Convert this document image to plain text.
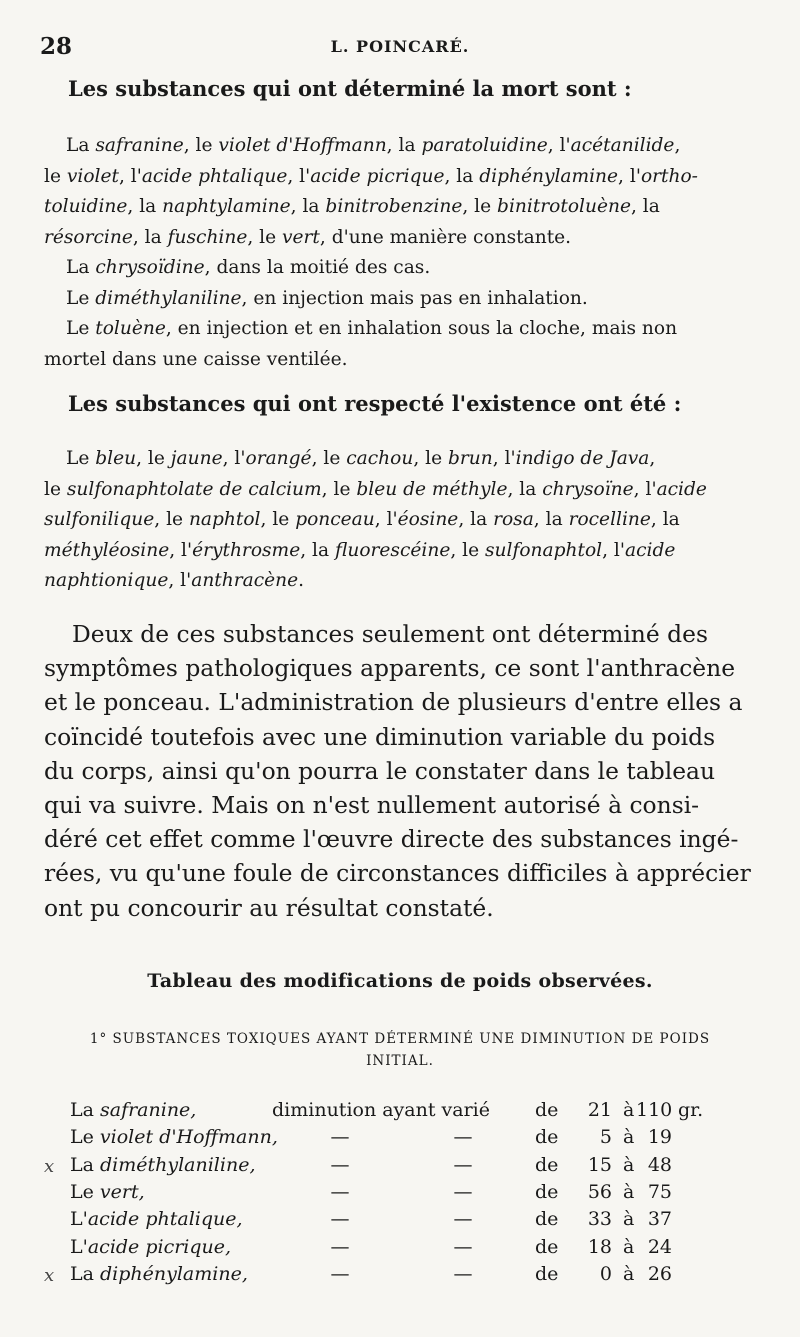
28	L. POINCARÉ.
Les substances qui ont déterminé la mort sont :
La safranine, le violet d'Hoffmann, la paratoluidine, l'acétanilide,
le violet, l'acide phtalique, l'acide picrique, la diphénylamine, l'ortho-
toluidine, la naphtylamine, la binitrobenzine, le binitrotoluène, la
résorcine, la fuschine, le vert, d'une manière constante.
La chrysoïdine, dans la moitié des cas.
Le diméthylaniline, en injection mais pas en inhalation.
Le toluène, en injection et en inhalation sous la cloche, mais non
mortel dans une caisse ventilée.
Les substances qui ont respecté l'existence ont été :
Le bleu, le jaune, l'orangé, le cachou, le brun, l'indigo de Java,
le sulfonaphtolate de calcium, le bleu de méthyle, la chrysoïne, l'acide
sulfonilique, le naphtol, le ponceau, l'éosine, la rosa, la rocelline, la
méthyléosine, l'érythrosme, la fluorescéine, le sulfonaphtol, l'acide
naphtionique, l'anthracène.
Deux de ces substances seulement ont déterminé des
symptômes pathologiques apparents, ce sont l'anthracène
et le ponceau. L'administration de plusieurs d'entre elles a
coïncidé toutefois avec une diminution variable du poids
du corps, ainsi qu'on pourra le constater dans le tableau
qui va suivre. Mais on n'est nullement autorisé à consi-
déré cet effet comme l'œuvre directe des substances ingé-
rées, vu qu'une foule de circonstances difficiles à apprécier
ont pu concourir au résultat constaté.
Tableau des modifications de poids observées.
1° SUBSTANCES TOXIQUES AYANT DÉTERMINÉ UNE DIMINUTION DE POIDS
INITIAL.
La safranine,	diminution ayant varié de	21 à 110 gr.
Le violet d'Hoffmann,	—	—	de	5 à 19
x La diméthylaniline,	—	—	de	15 à 48
Le vert,	—	—	de	56 à 75
L'acide phtalique,	—	—	de	33 à 37
L'acide picrique,	—	—	de	18 à 24
x La diphénylamine,	—	—	de	0 à 26
